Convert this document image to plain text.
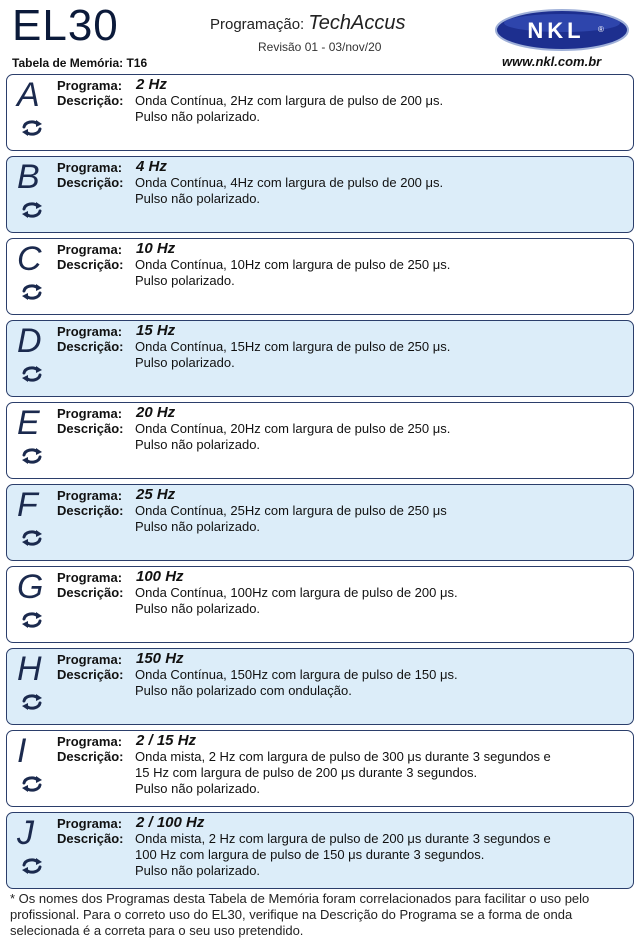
EL30
Tabela de Memória: T16
Programação: TechAccus
Revisão 01 - 03/nov/20
NKL ®
www.nkl.com.br
A	Programa:
Descrição:
2 Hz
Onda Contínua, 2Hz com largura de pulso de 200 μs.
Pulso não polarizado.
B	Programa:
Descrição:
4 Hz
Onda Contínua, 4Hz com largura de pulso de 200 μs.
Pulso não polarizado.
C	Programa:
Descrição:
10 Hz
Onda Contínua, 10Hz com largura de pulso de 250 μs.
Pulso polarizado.
D	Programa:
Descrição:
15 Hz
Onda Contínua, 15Hz com largura de pulso de 250 μs.
Pulso polarizado.
E	Programa:
Descrição:
20 Hz
Onda Contínua, 20Hz com largura de pulso de 250 μs.
Pulso não polarizado.
F	Programa:
Descrição:
25 Hz
Onda Contínua, 25Hz com largura de pulso de 250 μs
Pulso não polarizado.
G	Programa:
Descrição:
100 Hz
Onda Contínua, 100Hz com largura de pulso de 200 μs.
Pulso não polarizado.
H	Programa:
Descrição:
150 Hz
Onda Contínua, 150Hz com largura de pulso de 150 μs.
Pulso não polarizado com ondulação.
I	Programa:
Descrição:
2 / 15 Hz
Onda mista, 2 Hz com largura de pulso de 300 μs durante 3 segundos e
15 Hz com largura de pulso de 200 μs durante 3 segundos.
Pulso não polarizado.
J	Programa:
Descrição:
2 / 100 Hz
Onda mista, 2 Hz com largura de pulso de 200 μs durante 3 segundos e
100 Hz com largura de pulso de 150 μs durante 3 segundos.
Pulso não polarizado.
* Os nomes dos Programas desta Tabela de Memória foram correlacionados para facilitar o uso pelo profissional. Para o correto uso do EL30, verifique na Descrição do Programa se a forma de onda selecionada é a correta para o seu uso pretendido.
